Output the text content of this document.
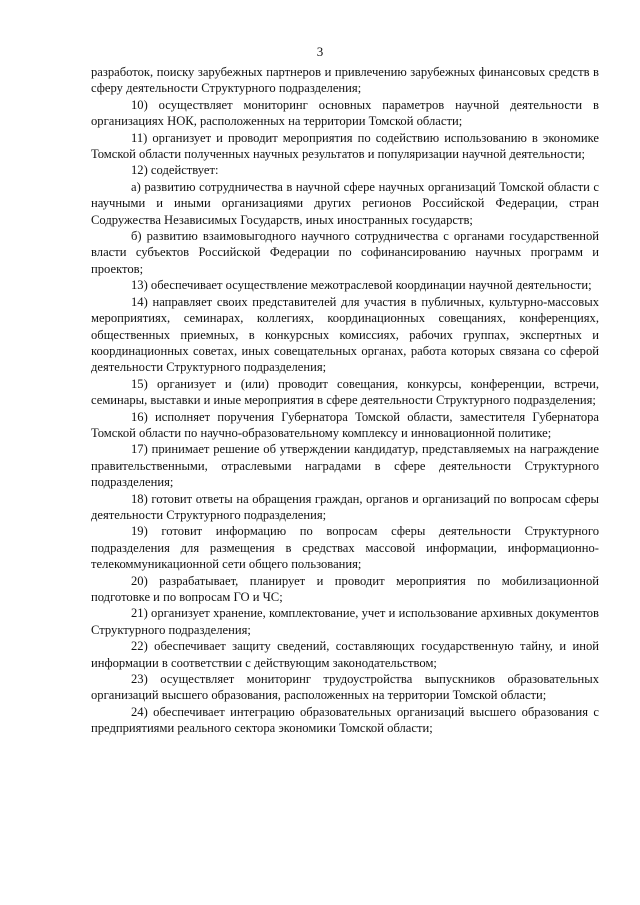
3

разработок, поиску зарубежных партнеров и привлечению зарубежных финансовых средств в сферу деятельности Структурного подразделения;

10) осуществляет мониторинг основных параметров научной деятельности в организациях НОК, расположенных на территории Томской области;

11) организует и проводит мероприятия по содействию использованию в экономике Томской области полученных научных результатов и популяризации научной деятельности;

12) содействует:

а) развитию сотрудничества в научной сфере научных организаций Томской области с научными и иными организациями других регионов Российской Федерации, стран Содружества Независимых Государств, иных иностранных государств;

б) развитию взаимовыгодного научного сотрудничества с органами государственной власти субъектов Российской Федерации по софинансированию научных программ и проектов;

13) обеспечивает осуществление межотраслевой координации научной деятельности;

14) направляет своих представителей для участия в публичных, культурно-массовых мероприятиях, семинарах, коллегиях, координационных совещаниях, конференциях, общественных приемных, в конкурсных комиссиях, рабочих группах, экспертных и координационных советах, иных совещательных органах, работа которых связана со сферой деятельности Структурного подразделения;

15) организует и (или) проводит совещания, конкурсы, конференции, встречи, семинары, выставки и иные мероприятия в сфере деятельности Структурного подразделения;

16) исполняет поручения Губернатора Томской области, заместителя Губернатора Томской области по научно-образовательному комплексу и инновационной политике;

17) принимает решение об утверждении кандидатур, представляемых на награждение правительственными, отраслевыми наградами в сфере деятельности Структурного подразделения;

18) готовит ответы на обращения граждан, органов и организаций по вопросам сферы деятельности Структурного подразделения;

19) готовит информацию по вопросам сферы деятельности Структурного подразделения для размещения в средствах массовой информации, информационно-телекоммуникационной сети общего пользования;

20) разрабатывает, планирует и проводит мероприятия по мобилизационной подготовке и по вопросам ГО и ЧС;

21) организует хранение, комплектование, учет и использование архивных документов Структурного подразделения;

22) обеспечивает защиту сведений, составляющих государственную тайну, и иной информации в соответствии с действующим законодательством;

23) осуществляет мониторинг трудоустройства выпускников образовательных организаций высшего образования, расположенных на территории Томской области;

24) обеспечивает интеграцию образовательных организаций высшего образования с предприятиями реального сектора экономики Томской области;
